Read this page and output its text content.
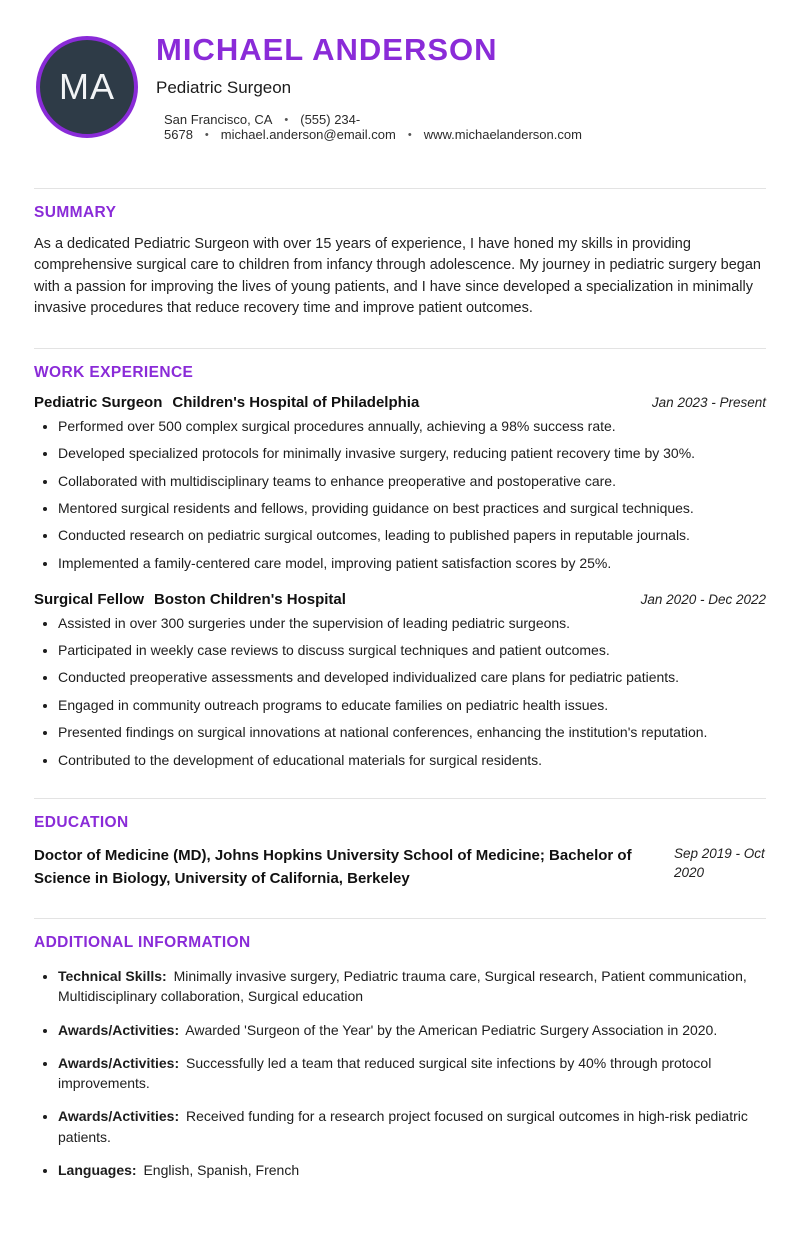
MA
MICHAEL ANDERSON
Pediatric Surgeon
San Francisco, CA • (555) 234-5678 • michael.anderson@email.com • www.michaelanderson.com
SUMMARY

As a dedicated Pediatric Surgeon with over 15 years of experience, I have honed my skills in providing comprehensive surgical care to children from infancy through adolescence. My journey in pediatric surgery began with a passion for improving the lives of young patients, and I have since developed a specialization in minimally invasive procedures that reduce recovery time and improve patient outcomes.

WORK EXPERIENCE
Pediatric Surgeon Children's Hospital of Philadelphia	Jan 2023 - Present
• Performed over 500 complex surgical procedures annually, achieving a 98% success rate.
• Developed specialized protocols for minimally invasive surgery, reducing patient recovery time by 30%.
• Collaborated with multidisciplinary teams to enhance preoperative and postoperative care.
• Mentored surgical residents and fellows, providing guidance on best practices and surgical techniques.
• Conducted research on pediatric surgical outcomes, leading to published papers in reputable journals.
• Implemented a family-centered care model, improving patient satisfaction scores by 25%.
Surgical Fellow Boston Children's Hospital	Jan 2020 - Dec 2022
• Assisted in over 300 surgeries under the supervision of leading pediatric surgeons.
• Participated in weekly case reviews to discuss surgical techniques and patient outcomes.
• Conducted preoperative assessments and developed individualized care plans for pediatric patients.
• Engaged in community outreach programs to educate families on pediatric health issues.
• Presented findings on surgical innovations at national conferences, enhancing the institution's reputation.
• Contributed to the development of educational materials for surgical residents.
EDUCATION
Doctor of Medicine (MD), Johns Hopkins University School of Medicine; Bachelor of Science in Biology, University of California, Berkeley
Sep 2019 - Oct 2020
ADDITIONAL INFORMATION
• Technical Skills: Minimally invasive surgery, Pediatric trauma care, Surgical research, Patient communication, Multidisciplinary collaboration, Surgical education
• Awards/Activities: Awarded 'Surgeon of the Year' by the American Pediatric Surgery Association in 2020.
• Awards/Activities: Successfully led a team that reduced surgical site infections by 40% through protocol improvements.
• Awards/Activities: Received funding for a research project focused on surgical outcomes in high-risk pediatric patients.
• Languages: English, Spanish, French
